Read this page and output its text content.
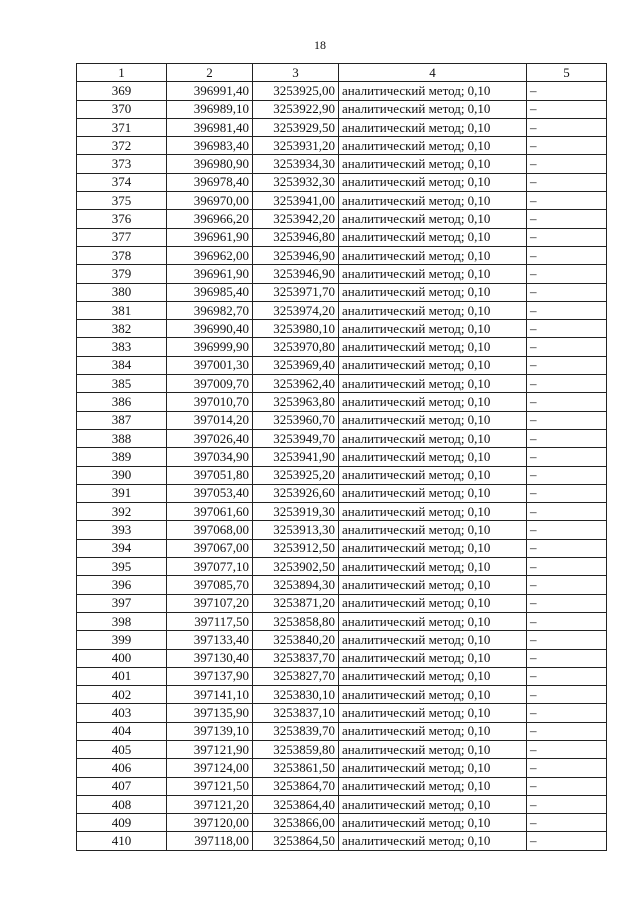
18
1	2	3	4	5
369	396991,40	3253925,00	аналитический метод; 0,10	–
370	396989,10	3253922,90	аналитический метод; 0,10	–
371	396981,40	3253929,50	аналитический метод; 0,10	–
372	396983,40	3253931,20	аналитический метод; 0,10	–
373	396980,90	3253934,30	аналитический метод; 0,10	–
374	396978,40	3253932,30	аналитический метод; 0,10	–
375	396970,00	3253941,00	аналитический метод; 0,10	–
376	396966,20	3253942,20	аналитический метод; 0,10	–
377	396961,90	3253946,80	аналитический метод; 0,10	–
378	396962,00	3253946,90	аналитический метод; 0,10	–
379	396961,90	3253946,90	аналитический метод; 0,10	–
380	396985,40	3253971,70	аналитический метод; 0,10	–
381	396982,70	3253974,20	аналитический метод; 0,10	–
382	396990,40	3253980,10	аналитический метод; 0,10	–
383	396999,90	3253970,80	аналитический метод; 0,10	–
384	397001,30	3253969,40	аналитический метод; 0,10	–
385	397009,70	3253962,40	аналитический метод; 0,10	–
386	397010,70	3253963,80	аналитический метод; 0,10	–
387	397014,20	3253960,70	аналитический метод; 0,10	–
388	397026,40	3253949,70	аналитический метод; 0,10	–
389	397034,90	3253941,90	аналитический метод; 0,10	–
390	397051,80	3253925,20	аналитический метод; 0,10	–
391	397053,40	3253926,60	аналитический метод; 0,10	–
392	397061,60	3253919,30	аналитический метод; 0,10	–
393	397068,00	3253913,30	аналитический метод; 0,10	–
394	397067,00	3253912,50	аналитический метод; 0,10	–
395	397077,10	3253902,50	аналитический метод; 0,10	–
396	397085,70	3253894,30	аналитический метод; 0,10	–
397	397107,20	3253871,20	аналитический метод; 0,10	–
398	397117,50	3253858,80	аналитический метод; 0,10	–
399	397133,40	3253840,20	аналитический метод; 0,10	–
400	397130,40	3253837,70	аналитический метод; 0,10	–
401	397137,90	3253827,70	аналитический метод; 0,10	–
402	397141,10	3253830,10	аналитический метод; 0,10	–
403	397135,90	3253837,10	аналитический метод; 0,10	–
404	397139,10	3253839,70	аналитический метод; 0,10	–
405	397121,90	3253859,80	аналитический метод; 0,10	–
406	397124,00	3253861,50	аналитический метод; 0,10	–
407	397121,50	3253864,70	аналитический метод; 0,10	–
408	397121,20	3253864,40	аналитический метод; 0,10	–
409	397120,00	3253866,00	аналитический метод; 0,10	–
410	397118,00	3253864,50	аналитический метод; 0,10	–
